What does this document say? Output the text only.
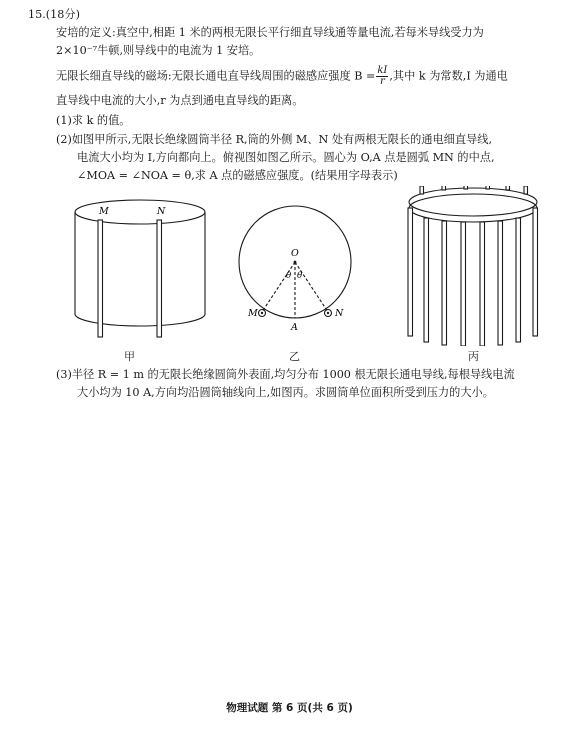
15.(18分)
安培的定义:真空中,相距 1 米的两根无限长平行细直导线通等量电流,若每米导线受力为
2×10⁻⁷牛顿,则导线中的电流为 1 安培。
无限长细直导线的磁场:无限长通电直导线周围的磁感应强度 $B = \frac{kI}{r}$ ,其中 k 为常数,I 为通电
直导线中电流的大小,r 为点到通电直导线的距离。
(1)求 k 的值。
(2)如图甲所示,无限长绝缘圆筒半径 R,筒的外侧 M、N 处有两根无限长的通电细直导线,
电流大小均为 I,方向都向上。俯视图如图乙所示。圆心为 O,A 点是圆弧 MN 的中点,
∠MOA = ∠NOA = θ,求 A 点的磁感应强度。(结果用字母表示)
M	N
甲
O
θ θ
M	N
A
乙	丙
(3)半径 R = 1 m 的无限长绝缘圆筒外表面,均匀分布 1000 根无限长通电导线,每根导线电流
大小均为 10 A,方向均沿圆筒轴线向上,如图丙。求圆筒单位面积所受到压力的大小。
物理试题 第 6 页(共 6 页)
